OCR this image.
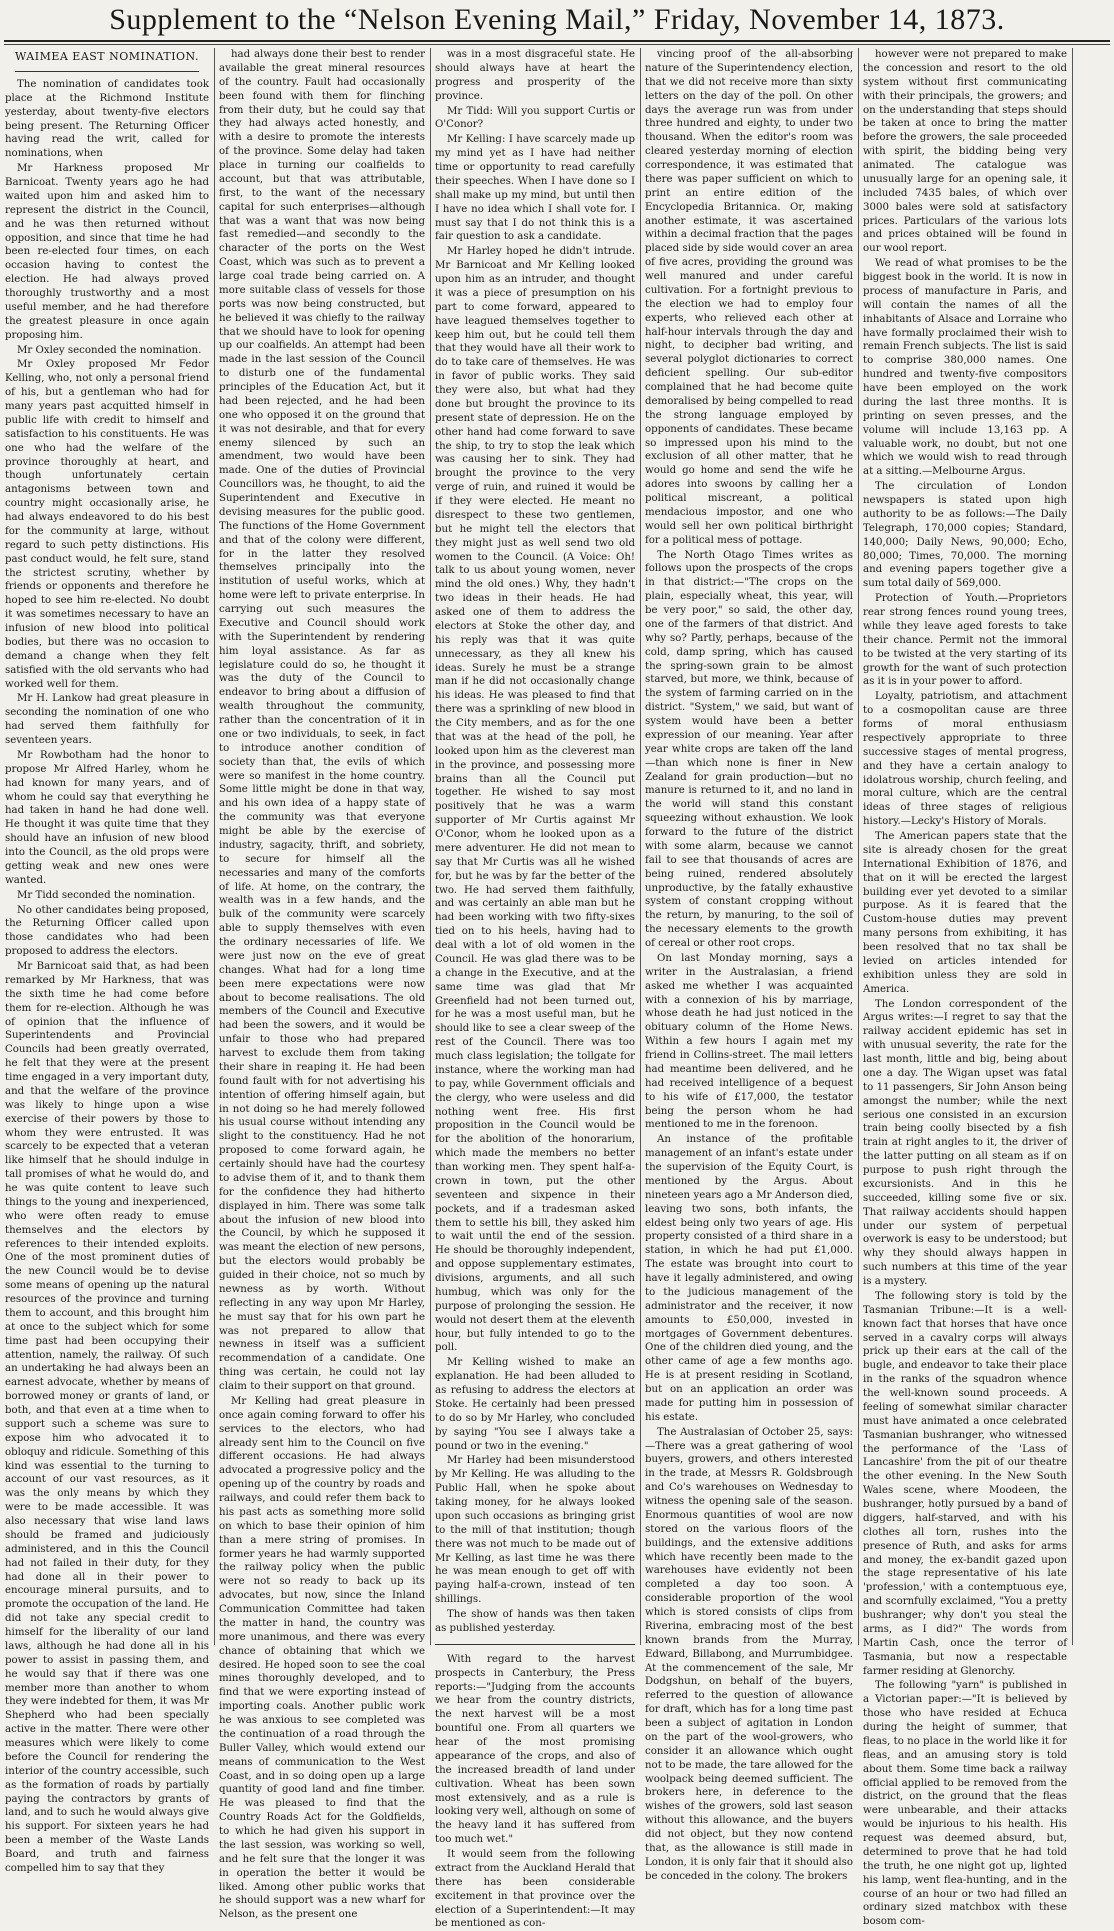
Supplement to the “Nelson Evening Mail,” Friday, November 14, 1873.

WAIMEA EAST NOMINATION.

The nomination of candidates took place at the Richmond Institute yesterday, about twenty-five electors being present. The Returning Officer having read the writ, called for nominations, when

Mr Harkness proposed Mr Barnicoat. Twenty years ago he had waited upon him and asked him to represent the district in the Council, and he was then returned without opposition, and since that time he had been re-elected four times, on each occasion having to contest the election. He had always proved thoroughly trustworthy and a most useful member, and he had therefore the greatest pleasure in once again proposing him.

Mr Oxley seconded the nomination.

Mr Oxley proposed Mr Fedor Kelling, who, not only a personal friend of his, but a gentleman who had for many years past acquitted himself in public life with credit to himself and satisfaction to his constituents. He was one who had the welfare of the province thoroughly at heart, and though unfortunately certain antagonisms between town and country might occasionally arise, he had always endeavored to do his best for the community at large, without regard to such petty distinctions. His past conduct would, he felt sure, stand the strictest scrutiny, whether by friends or opponents and therefore he hoped to see him re-elected. No doubt it was sometimes necessary to have an infusion of new blood into political bodies, but there was no occasion to demand a change when they felt satisfied with the old servants who had worked well for them.

Mr H. Lankow had great pleasure in seconding the nomination of one who had served them faithfully for seventeen years.

Mr Rowbotham had the honor to propose Mr Alfred Harley, whom he had known for many years, and of whom he could say that everything he had taken in hand he had done well. He thought it was quite time that they should have an infusion of new blood into the Council, as the old props were getting weak and new ones were wanted.

Mr Tidd seconded the nomination.

No other candidates being proposed, the Returning Officer called upon those candidates who had been proposed to address the electors.

Mr Barnicoat said that, as had been remarked by Mr Harkness, that was the sixth time he had come before them for re-election. Although he was of opinion that the influence of Superintendents and Provincial Councils had been greatly overrated, he felt that they were at the present time engaged in a very important duty, and that the welfare of the province was likely to hinge upon a wise exercise of their powers by those to whom they were entrusted. It was scarcely to be expected that a veteran like himself that he should indulge in tall promises of what he would do, and he was quite content to leave such things to the young and inexperienced, who were often ready to emuse themselves and the electors by references to their intended exploits. One of the most prominent duties of the new Council would be to devise some means of opening up the natural resources of the province and turning them to account, and this brought him at once to the subject which for some time past had been occupying their attention, namely, the railway. Of such an undertaking he had always been an earnest advocate, whether by means of borrowed money or grants of land, or both, and that even at a time when to support such a scheme was sure to expose him who advocated it to obloquy and ridicule. Something of this kind was essential to the turning to account of our vast resources, as it was the only means by which they were to be made accessible. It was also necessary that wise land laws should be framed and judiciously administered, and in this the Council had not failed in their duty, for they had done all in their power to encourage mineral pursuits, and to promote the occupation of the land. He did not take any special credit to himself for the liberality of our land laws, although he had done all in his power to assist in passing them, and he would say that if there was one member more than another to whom they were indebted for them, it was Mr Shepherd who had been specially active in the matter. There were other measures which were likely to come before the Council for rendering the interior of the country accessible, such as the formation of roads by partially paying the contractors by grants of land, and to such he would always give his support. For sixteen years he had been a member of the Waste Lands Board, and truth and fairness compelled him to say that they

had always done their best to render available the great mineral resources of the country. Fault had occasionally been found with them for flinching from their duty, but he could say that they had always acted honestly, and with a desire to promote the interests of the province. Some delay had taken place in turning our coalfields to account, but that was attributable, first, to the want of the necessary capital for such enterprises—although that was a want that was now being fast remedied—and secondly to the character of the ports on the West Coast, which was such as to prevent a large coal trade being carried on. A more suitable class of vessels for those ports was now being constructed, but he believed it was chiefly to the railway that we should have to look for opening up our coalfields. An attempt had been made in the last session of the Council to disturb one of the fundamental principles of the Education Act, but it had been rejected, and he had been one who opposed it on the ground that it was not desirable, and that for every enemy silenced by such an amendment, two would have been made. One of the duties of Provincial Councillors was, he thought, to aid the Superintendent and Executive in devising measures for the public good. The functions of the Home Government and that of the colony were different, for in the latter they resolved themselves principally into the institution of useful works, which at home were left to private enterprise. In carrying out such measures the Executive and Council should work with the Superintendent by rendering him loyal assistance. As far as legislature could do so, he thought it was the duty of the Council to endeavor to bring about a diffusion of wealth throughout the community, rather than the concentration of it in one or two individuals, to seek, in fact to introduce another condition of society than that, the evils of which were so manifest in the home country. Some little might be done in that way, and his own idea of a happy state of the community was that everyone might be able by the exercise of industry, sagacity, thrift, and sobriety, to secure for himself all the necessaries and many of the comforts of life. At home, on the contrary, the wealth was in a few hands, and the bulk of the community were scarcely able to supply themselves with even the ordinary necessaries of life. We were just now on the eve of great changes. What had for a long time been mere expectations were now about to become realisations. The old members of the Council and Executive had been the sowers, and it would be unfair to those who had prepared harvest to exclude them from taking their share in reaping it. He had been found fault with for not advertising his intention of offering himself again, but in not doing so he had merely followed his usual course without intending any slight to the constituency. Had he not proposed to come forward again, he certainly should have had the courtesy to advise them of it, and to thank them for the confidence they had hitherto displayed in him. There was some talk about the infusion of new blood into the Council, by which he supposed it was meant the election of new persons, but the electors would probably be guided in their choice, not so much by newness as by worth. Without reflecting in any way upon Mr Harley, he must say that for his own part he was not prepared to allow that newness in itself was a sufficient recommendation of a candidate. One thing was certain, he could not lay claim to their support on that ground.

Mr Kelling had great pleasure in once again coming forward to offer his services to the electors, who had already sent him to the Council on five different occasions. He had always advocated a progressive policy and the opening up of the country by roads and railways, and could refer them back to his past acts as something more solid on which to base their opinion of him than a mere string of promises. In former years he had warmly supported the railway policy when the public were not so ready to back up its advocates, but now, since the Inland Communication Committee had taken the matter in hand, the country was more unanimous, and there was every chance of obtaining that which we desired. He hoped soon to see the coal mines thoroughly developed, and to find that we were exporting instead of importing coals. Another public work he was anxious to see completed was the continuation of a road through the Buller Valley, which would extend our means of communication to the West Coast, and in so doing open up a large quantity of good land and fine timber. He was pleased to find that the Country Roads Act for the Goldfields, to which he had given his support in the last session, was working so well, and he felt sure that the longer it was in operation the better it would be liked. Among other public works that he should support was a new wharf for Nelson, as the present one

was in a most disgraceful state. He should always have at heart the progress and prosperity of the province.

Mr Tidd: Will you support Curtis or O'Conor?

Mr Kelling: I have scarcely made up my mind yet as I have had neither time or opportunity to read carefully their speeches. When I have done so I shall make up my mind, but until then I have no idea which I shall vote for. I must say that I do not think this is a fair question to ask a candidate.

Mr Harley hoped he didn't intrude. Mr Barnicoat and Mr Kelling looked upon him as an intruder, and thought it was a piece of presumption on his part to come forward, appeared to have leagued themselves together to keep him out, but he could tell them that they would have all their work to do to take care of themselves. He was in favor of public works. They said they were also, but what had they done but brought the province to its present state of depression. He on the other hand had come forward to save the ship, to try to stop the leak which was causing her to sink. They had brought the province to the very verge of ruin, and ruined it would be if they were elected. He meant no disrespect to these two gentlemen, but he might tell the electors that they might just as well send two old women to the Council. (A Voice: Oh! talk to us about young women, never mind the old ones.) Why, they hadn't two ideas in their heads. He had asked one of them to address the electors at Stoke the other day, and his reply was that it was quite unnecessary, as they all knew his ideas. Surely he must be a strange man if he did not occasionally change his ideas. He was pleased to find that there was a sprinkling of new blood in the City members, and as for the one that was at the head of the poll, he looked upon him as the cleverest man in the province, and possessing more brains than all the Council put together. He wished to say most positively that he was a warm supporter of Mr Curtis against Mr O'Conor, whom he looked upon as a mere adventurer. He did not mean to say that Mr Curtis was all he wished for, but he was by far the better of the two. He had served them faithfully, and was certainly an able man but he had been working with two fifty-sixes tied on to his heels, having had to deal with a lot of old women in the Council. He was glad there was to be a change in the Executive, and at the same time was glad that Mr Greenfield had not been turned out, for he was a most useful man, but he should like to see a clear sweep of the rest of the Council. There was too much class legislation; the tollgate for instance, where the working man had to pay, while Government officials and the clergy, who were useless and did nothing went free. His first proposition in the Council would be for the abolition of the honorarium, which made the members no better than working men. They spent half-a-crown in town, put the other seventeen and sixpence in their pockets, and if a tradesman asked them to settle his bill, they asked him to wait until the end of the session. He should be thoroughly independent, and oppose supplementary estimates, divisions, arguments, and all such humbug, which was only for the purpose of prolonging the session. He would not desert them at the eleventh hour, but fully intended to go to the poll.

Mr Kelling wished to make an explanation. He had been alluded to as refusing to address the electors at Stoke. He certainly had been pressed to do so by Mr Harley, who concluded by saying "You see I always take a pound or two in the evening."

Mr Harley had been misunderstood by Mr Kelling. He was alluding to the Public Hall, when he spoke about taking money, for he always looked upon such occasions as bringing grist to the mill of that institution; though there was not much to be made out of Mr Kelling, as last time he was there he was mean enough to get off with paying half-a-crown, instead of ten shillings.

The show of hands was then taken as published yesterday.

With regard to the harvest prospects in Canterbury, the Press reports:—"Judging from the accounts we hear from the country districts, the next harvest will be a most bountiful one. From all quarters we hear of the most promising appearance of the crops, and also of the increased breadth of land under cultivation. Wheat has been sown most extensively, and as a rule is looking very well, although on some of the heavy land it has suffered from too much wet."

It would seem from the following extract from the Auckland Herald that there has been considerable excitement in that province over the election of a Superintendent:—It may be mentioned as con-

vincing proof of the all-absorbing nature of the Superintendency election, that we did not receive more than sixty letters on the day of the poll. On other days the average run was from under three hundred and eighty, to under two thousand. When the editor's room was cleared yesterday morning of election correspondence, it was estimated that there was paper sufficient on which to print an entire edition of the Encyclopedia Britannica. Or, making another estimate, it was ascertained within a decimal fraction that the pages placed side by side would cover an area of five acres, providing the ground was well manured and under careful cultivation. For a fortnight previous to the election we had to employ four experts, who relieved each other at half-hour intervals through the day and night, to decipher bad writing, and several polyglot dictionaries to correct deficient spelling. Our sub-editor complained that he had become quite demoralised by being compelled to read the strong language employed by opponents of candidates. These became so impressed upon his mind to the exclusion of all other matter, that he would go home and send the wife he adores into swoons by calling her a political miscreant, a political mendacious impostor, and one who would sell her own political birthright for a political mess of pottage.

The North Otago Times writes as follows upon the prospects of the crops in that district:—"The crops on the plain, especially wheat, this year, will be very poor," so said, the other day, one of the farmers of that district. And why so? Partly, perhaps, because of the cold, damp spring, which has caused the spring-sown grain to be almost starved, but more, we think, because of the system of farming carried on in the district. "System," we said, but want of system would have been a better expression of our meaning. Year after year white crops are taken off the land—than which none is finer in New Zealand for grain production—but no manure is returned to it, and no land in the world will stand this constant squeezing without exhaustion. We look forward to the future of the district with some alarm, because we cannot fail to see that thousands of acres are being ruined, rendered absolutely unproductive, by the fatally exhaustive system of constant cropping without the return, by manuring, to the soil of the necessary elements to the growth of cereal or other root crops.

On last Monday morning, says a writer in the Australasian, a friend asked me whether I was acquainted with a connexion of his by marriage, whose death he had just noticed in the obituary column of the Home News. Within a few hours I again met my friend in Collins-street. The mail letters had meantime been delivered, and he had received intelligence of a bequest to his wife of £17,000, the testator being the person whom he had mentioned to me in the forenoon.

An instance of the profitable management of an infant's estate under the supervision of the Equity Court, is mentioned by the Argus. About nineteen years ago a Mr Anderson died, leaving two sons, both infants, the eldest being only two years of age. His property consisted of a third share in a station, in which he had put £1,000. The estate was brought into court to have it legally administered, and owing to the judicious management of the administrator and the receiver, it now amounts to £50,000, invested in mortgages of Government debentures. One of the children died young, and the other came of age a few months ago. He is at present residing in Scotland, but on an application an order was made for putting him in possession of his estate.

The Australasian of October 25, says:—There was a great gathering of wool buyers, growers, and others interested in the trade, at Messrs R. Goldsbrough and Co's warehouses on Wednesday to witness the opening sale of the season. Enormous quantities of wool are now stored on the various floors of the buildings, and the extensive additions which have recently been made to the warehouses have evidently not been completed a day too soon. A considerable proportion of the wool which is stored consists of clips from Riverina, embracing most of the best known brands from the Murray, Edward, Billabong, and Murrumbidgee. At the commencement of the sale, Mr Dodgshun, on behalf of the buyers, referred to the question of allowance for draft, which has for a long time past been a subject of agitation in London on the part of the wool-growers, who consider it an allowance which ought not to be made, the tare allowed for the woolpack being deemed sufficient. The brokers here, in deference to the wishes of the growers, sold last season without this allowance, and the buyers did not object, but they now contend that, as the allowance is still made in London, it is only fair that it should also be conceded in the colony. The brokers

however were not prepared to make the concession and resort to the old system without first communicating with their principals, the growers; and on the understanding that steps should be taken at once to bring the matter before the growers, the sale proceeded with spirit, the bidding being very animated. The catalogue was unusually large for an opening sale, it included 7435 bales, of which over 3000 bales were sold at satisfactory prices. Particulars of the various lots and prices obtained will be found in our wool report.

We read of what promises to be the biggest book in the world. It is now in process of manufacture in Paris, and will contain the names of all the inhabitants of Alsace and Lorraine who have formally proclaimed their wish to remain French subjects. The list is said to comprise 380,000 names. One hundred and twenty-five compositors have been employed on the work during the last three months. It is printing on seven presses, and the volume will include 13,163 pp. A valuable work, no doubt, but not one which we would wish to read through at a sitting.—Melbourne Argus.

The circulation of London newspapers is stated upon high authority to be as follows:—The Daily Telegraph, 170,000 copies; Standard, 140,000; Daily News, 90,000; Echo, 80,000; Times, 70,000. The morning and evening papers together give a sum total daily of 569,000.

Protection of Youth.—Proprietors rear strong fences round young trees, while they leave aged forests to take their chance. Permit not the immoral to be twisted at the very starting of its growth for the want of such protection as it is in your power to afford.

Loyalty, patriotism, and attachment to a cosmopolitan cause are three forms of moral enthusiasm respectively appropriate to three successive stages of mental progress, and they have a certain analogy to idolatrous worship, church feeling, and moral culture, which are the central ideas of three stages of religious history.—Lecky's History of Morals.

The American papers state that the site is already chosen for the great International Exhibition of 1876, and that on it will be erected the largest building ever yet devoted to a similar purpose. As it is feared that the Custom-house duties may prevent many persons from exhibiting, it has been resolved that no tax shall be levied on articles intended for exhibition unless they are sold in America.

The London correspondent of the Argus writes:—I regret to say that the railway accident epidemic has set in with unusual severity, the rate for the last month, little and big, being about one a day. The Wigan upset was fatal to 11 passengers, Sir John Anson being amongst the number; while the next serious one consisted in an excursion train being coolly bisected by a fish train at right angles to it, the driver of the latter putting on all steam as if on purpose to push right through the excursionists. And in this he succeeded, killing some five or six. That railway accidents should happen under our system of perpetual overwork is easy to be understood; but why they should always happen in such numbers at this time of the year is a mystery.

The following story is told by the Tasmanian Tribune:—It is a well-known fact that horses that have once served in a cavalry corps will always prick up their ears at the call of the bugle, and endeavor to take their place in the ranks of the squadron whence the well-known sound proceeds. A feeling of somewhat similar character must have animated a once celebrated Tasmanian bushranger, who witnessed the performance of the 'Lass of Lancashire' from the pit of our theatre the other evening. In the New South Wales scene, where Moodeen, the bushranger, hotly pursued by a band of diggers, half-starved, and with his clothes all torn, rushes into the presence of Ruth, and asks for arms and money, the ex-bandit gazed upon the stage representative of his late 'profession,' with a contemptuous eye, and scornfully exclaimed, "You a pretty bushranger; why don't you steal the arms, as I did?" The words from Martin Cash, once the terror of Tasmania, but now a respectable farmer residing at Glenorchy.

The following "yarn" is published in a Victorian paper:—"It is believed by those who have resided at Echuca during the height of summer, that fleas, to no place in the world like it for fleas, and an amusing story is told about them. Some time back a railway official applied to be removed from the district, on the ground that the fleas were unbearable, and their attacks would be injurious to his health. His request was deemed absurd, but, determined to prove that he had told the truth, he one night got up, lighted his lamp, went flea-hunting, and in the course of an hour or two had filled an ordinary sized matchbox with these bosom com-
